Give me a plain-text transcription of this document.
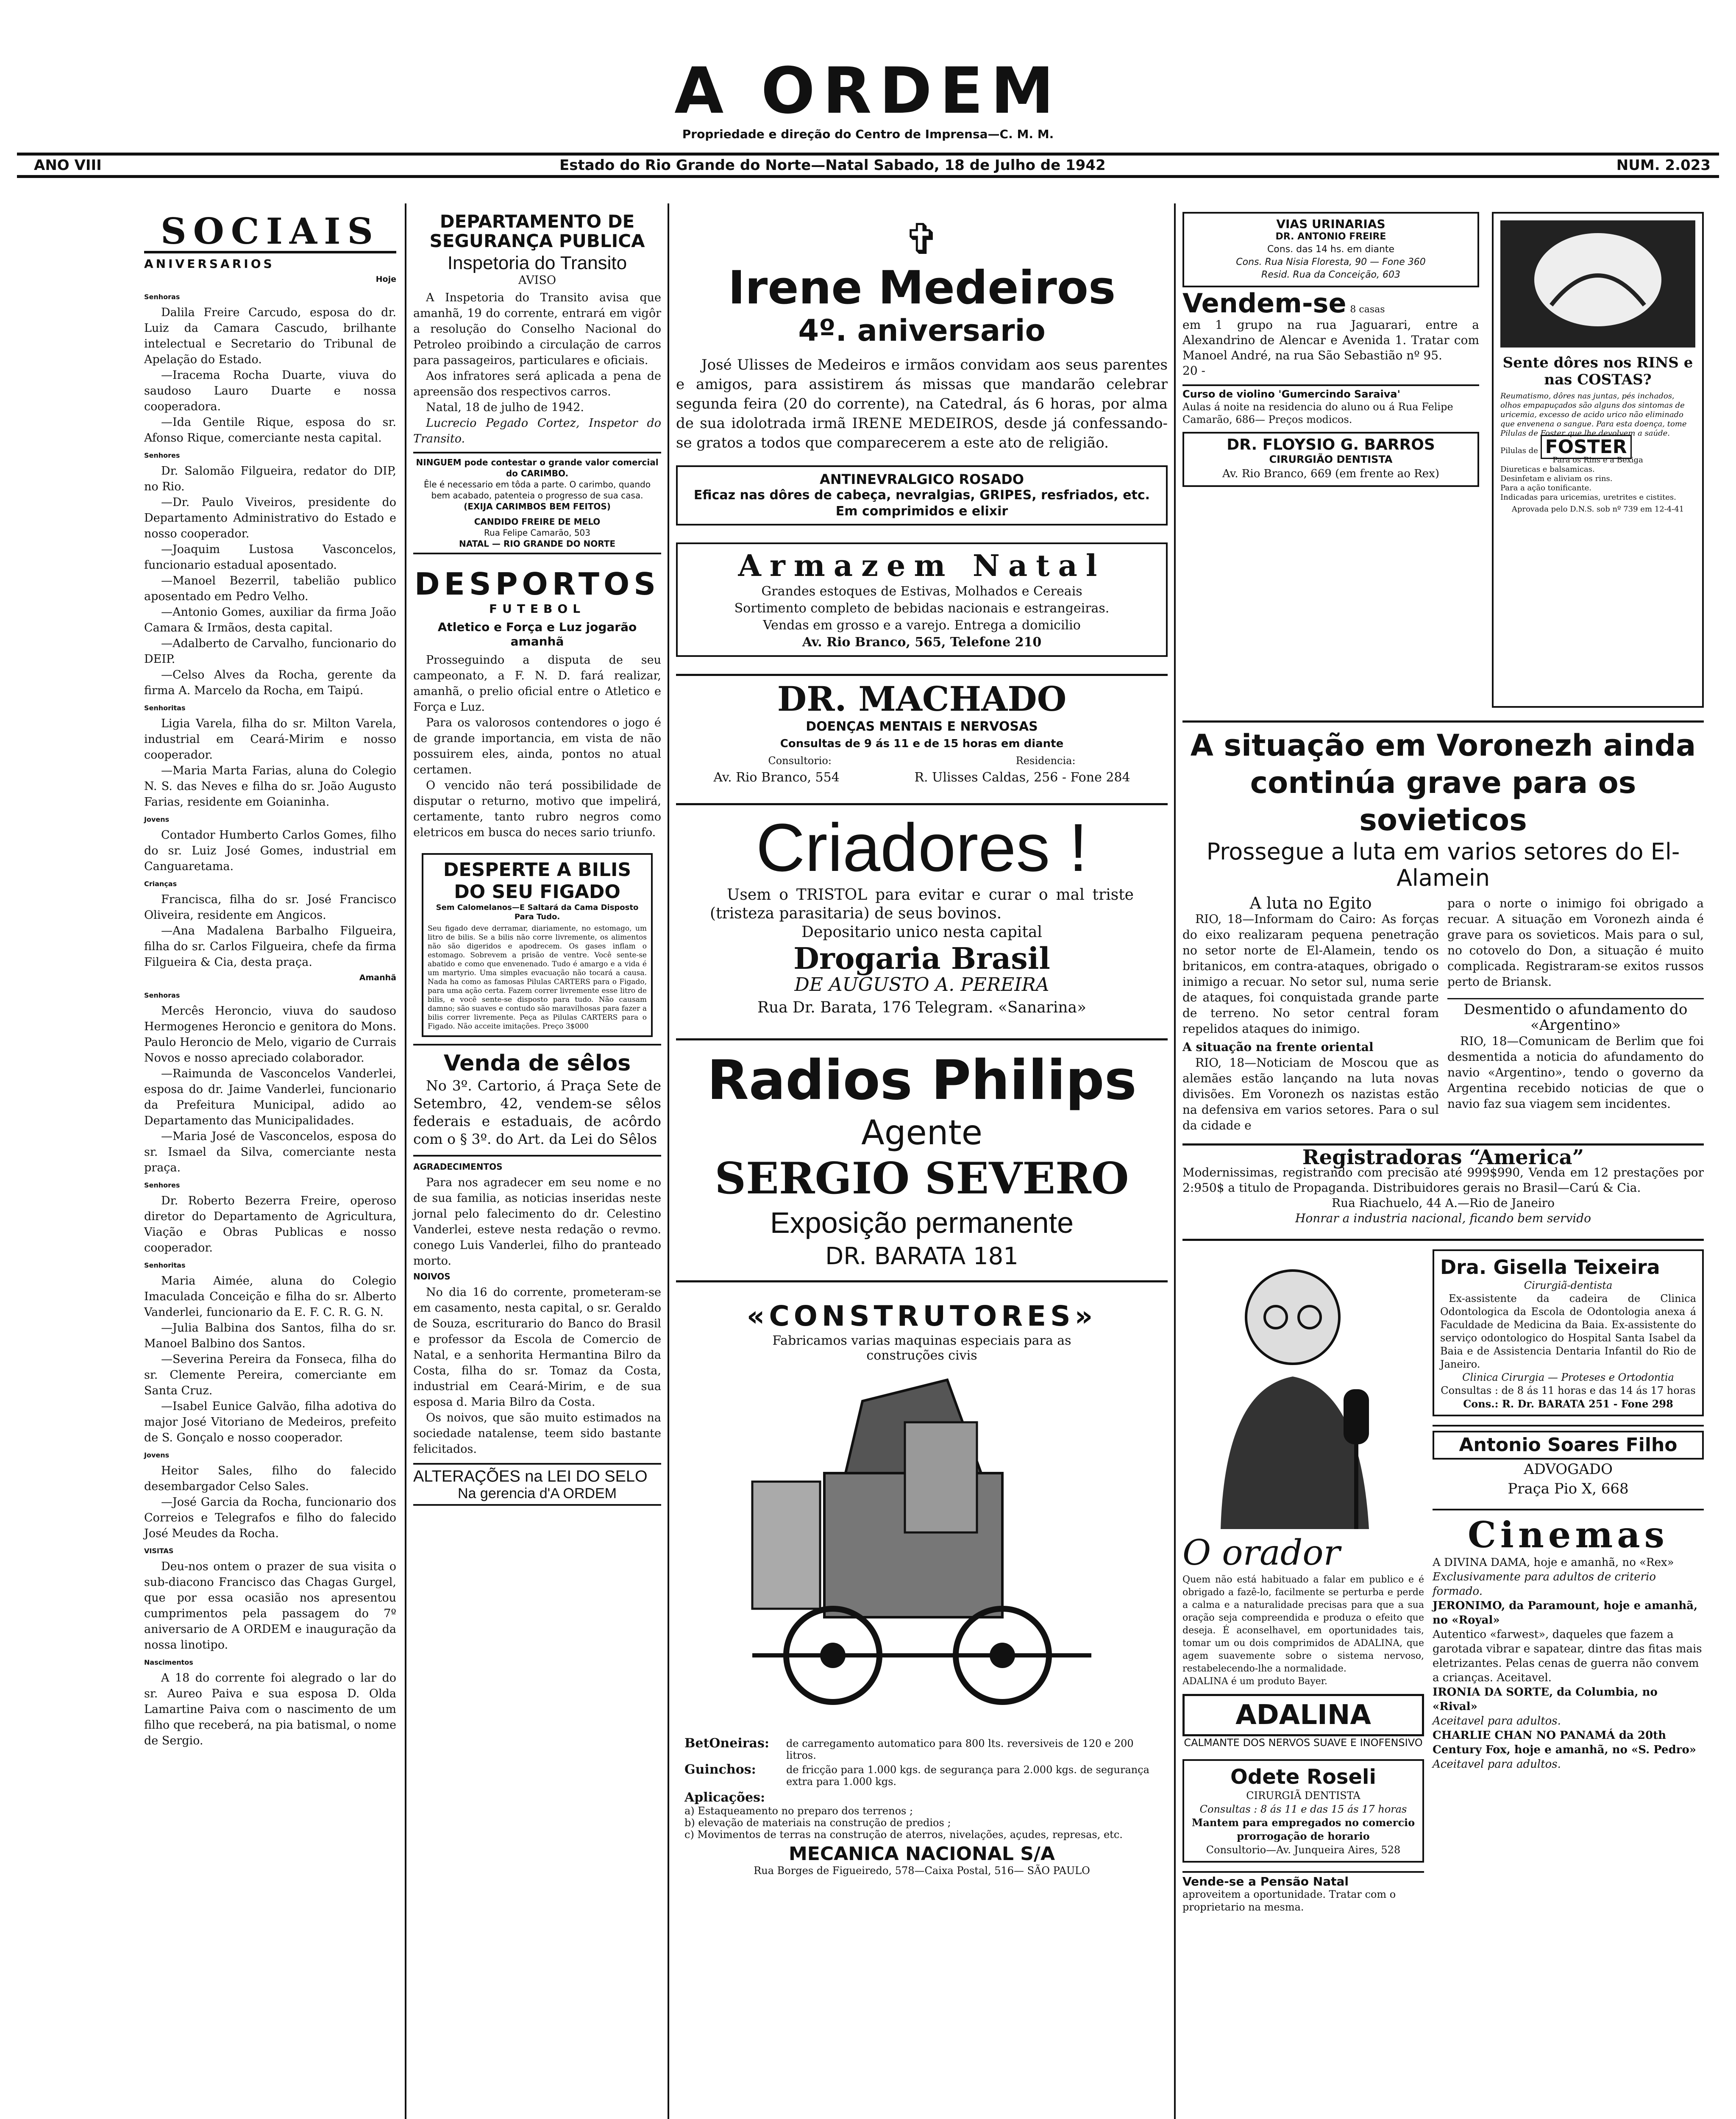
A ORDEM
Propriedade e direção do Centro de Imprensa—C. M. M.
ANO VIII	Estado do Rio Grande do Norte—Natal Sabado, 18 de Julho de 1942	NUM. 2.023
SOCIAIS
ANIVERSARIOS
Hoje
Senhoras

Dalila Freire Carcudo, esposa do dr. Luiz da Camara Cascudo, brilhante intelectual e Secretario do Tribunal de Apelação do Estado.

—Iracema Rocha Duarte, viuva do saudoso Lauro Duarte e nossa cooperadora.

—Ida Gentile Rique, esposa do sr. Afonso Rique, comerciante nesta capital.

Senhores

Dr. Salomão Filgueira, redator do DIP, no Rio.

—Dr. Paulo Viveiros, presidente do Departamento Administrativo do Estado e nosso cooperador.

—Joaquim Lustosa Vasconcelos, funcionario estadual aposentado.

—Manoel Bezerril, tabelião publico aposentado em Pedro Velho.

—Antonio Gomes, auxiliar da firma João Camara & Irmãos, desta capital.

—Adalberto de Carvalho, funcionario do DEIP.

—Celso Alves da Rocha, gerente da firma A. Marcelo da Rocha, em Taipú.

Senhoritas

Ligia Varela, filha do sr. Milton Varela, industrial em Ceará-Mirim e nosso cooperador.

—Maria Marta Farias, aluna do Colegio N. S. das Neves e filha do sr. João Augusto Farias, residente em Goianinha.

Jovens

Contador Humberto Carlos Gomes, filho do sr. Luiz José Gomes, industrial em Canguaretama.

Crianças

Francisca, filha do sr. José Francisco Oliveira, residente em Angicos.

—Ana Madalena Barbalho Filgueira, filha do sr. Carlos Filgueira, chefe da firma Filgueira & Cia, desta praça.

Amanhã
Senhoras

Mercês Heroncio, viuva do saudoso Hermogenes Heroncio e genitora do Mons. Paulo Heroncio de Melo, vigario de Currais Novos e nosso apreciado colaborador.

—Raimunda de Vasconcelos Vanderlei, esposa do dr. Jaime Vanderlei, funcionario da Prefeitura Municipal, adido ao Departamento das Municipalidades.

—Maria José de Vasconcelos, esposa do sr. Ismael da Silva, comerciante nesta praça.

Senhores

Dr. Roberto Bezerra Freire, operoso diretor do Departamento de Agricultura, Viação e Obras Publicas e nosso cooperador.

Senhoritas

Maria Aimée, aluna do Colegio Imaculada Conceição e filha do sr. Alberto Vanderlei, funcionario da E. F. C. R. G. N.

—Julia Balbina dos Santos, filha do sr. Manoel Balbino dos Santos.

—Severina Pereira da Fonseca, filha do sr. Clemente Pereira, comerciante em Santa Cruz.

—Isabel Eunice Galvão, filha adotiva do major José Vitoriano de Medeiros, prefeito de S. Gonçalo e nosso cooperador.

Jovens

Heitor Sales, filho do falecido desembargador Celso Sales.

—José Garcia da Rocha, funcionario dos Correios e Telegrafos e filho do falecido José Meudes da Rocha.

VISITAS

Deu-nos ontem o prazer de sua visita o sub-diacono Francisco das Chagas Gurgel, que por essa ocasião nos apresentou cumprimentos pela passagem do 7º aniversario de A ORDEM e inauguração da nossa linotipo.

Nascimentos

A 18 do corrente foi alegrado o lar do sr. Aureo Paiva e sua esposa D. Olda Lamartine Paiva com o nascimento de um filho que receberá, na pia batismal, o nome de Sergio.

DEPARTAMENTO DE SEGURANÇA PUBLICA
Inspetoria do Transito
AVISO

A Inspetoria do Transito avisa que amanhã, 19 do corrente, entrará em vigôr a resolução do Conselho Nacional do Petroleo proibindo a circulação de carros para passageiros, particulares e oficiais.

Aos infratores será aplicada a pena de apreensão dos respectivos carros.

Natal, 18 de julho de 1942.

Lucrecio Pegado Cortez, Inspetor do Transito.

NINGUEM pode contestar o grande valor comercial do CARIMBO.
Êle é necessario em tôda a parte. O carimbo, quando bem acabado, patenteia o progresso de sua casa.
(EXIJA CARIMBOS BEM FEITOS)
CANDIDO FREIRE DE MELO
Rua Felipe Camarão, 503
NATAL — RIO GRANDE DO NORTE
DESPORTOS
FUTEBOL
Atletico e Força e Luz jogarão amanhã

Prosseguindo a disputa de seu campeonato, a F. N. D. fará realizar, amanhã, o prelio oficial entre o Atletico e Força e Luz.

Para os valorosos contendores o jogo é de grande importancia, em vista de não possuirem eles, ainda, pontos no atual certamen.

O vencido não terá possibilidade de disputar o returno, motivo que impelirá, certamente, tanto rubro negros como eletricos em busca do neces sario triunfo.

DESPERTE A BILIS DO SEU FIGADO
Sem Calomelanos—E Saltará da Cama Disposto Para Tudo.

Seu figado deve derramar, diariamente, no estomago, um litro de bilis. Se a bilis não corre livremente, os alimentos não são digeridos e apodrecem. Os gases inflam o estomago. Sobrevem a prisão de ventre. Você sente-se abatido e como que envenenado. Tudo é amargo e a vida é um martyrio. Uma simples evacuação não tocará a causa. Nada ha como as famosas Pilulas CARTERS para o Figado, para uma ação certa. Fazem correr livremente esse litro de bilis, e você sente-se disposto para tudo. Não causam damno; são suaves e contudo são maravilhosas para fazer a bilis correr livremente. Peça as Pilulas CARTERS para o Figado. Não acceite imitações. Preço 3$000

Venda de sêlos

No 3º. Cartorio, á Praça Sete de Setembro, 42, vendem-se sêlos federais e estaduais, de acôrdo com o § 3º. do Art. da Lei do Sêlos

AGRADECIMENTOS

Para nos agradecer em seu nome e no de sua familia, as noticias inseridas neste jornal pelo falecimento do dr. Celestino Vanderlei, esteve nesta redação o revmo. conego Luis Vanderlei, filho do pranteado morto.

NOIVOS

No dia 16 do corrente, prometeram-se em casamento, nesta capital, o sr. Geraldo de Souza, escriturario do Banco do Brasil e professor da Escola de Comercio de Natal, e a senhorita Hermantina Bilro da Costa, filha do sr. Tomaz da Costa, industrial em Ceará-Mirim, e de sua esposa d. Maria Bilro da Costa.

Os noivos, que são muito estimados na sociedade natalense, teem sido bastante felicitados.

ALTERAÇÕES na LEI DO SELO
Na gerencia d'A ORDEM
✞
Irene Medeiros
4º. aniversario

José Ulisses de Medeiros e irmãos convidam aos seus parentes e amigos, para assistirem ás missas que mandarão celebrar segunda feira (20 do corrente), na Catedral, ás 6 horas, por alma de sua idolotrada irmã IRENE MEDEIROS, desde já confessando-se gratos a todos que comparecerem a este ato de religião.

ANTINEVRALGICO ROSADO
Eficaz nas dôres de cabeça, nevralgias, GRIPES, resfriados, etc.
Em comprimidos e elixir
Armazem Natal
Grandes estoques de Estivas, Molhados e Cereais
Sortimento completo de bebidas nacionais e estrangeiras.
Vendas em grosso e a varejo. Entrega a domicilio
Av. Rio Branco, 565, Telefone 210
DR. MACHADO
DOENÇAS MENTAIS E NERVOSAS
Consultas de 9 ás 11 e de 15 horas em diante
Consultorio:	Residencia:
Av. Rio Branco, 554	R. Ulisses Caldas, 256 - Fone 284
Criadores !

Usem o TRISTOL para evitar e curar o mal triste (tristeza parasitaria) de seus bovinos.

Depositario unico nesta capital
Drogaria Brasil
DE AUGUSTO A. PEREIRA
Rua Dr. Barata, 176 Telegram. «Sanarina»
Radios Philips
Agente
SERGIO SEVERO
Exposição permanente
DR. BARATA 181
«CONSTRUTORES»
Fabricamos varias maquinas especiais para as construções civis
BetOneiras:	de carregamento automatico para 800 lts. reversiveis de 120 e 200 litros.
Guinchos:	de fricção para 1.000 kgs. de segurança para 2.000 kgs. de segurança extra para 1.000 kgs.
Aplicações:
a) Estaqueamento no preparo dos terrenos ;
b) elevação de materiais na construção de predios ;
c) Movimentos de terras na construção de aterros, nivelações, açudes, represas, etc.
MECANICA NACIONAL S/A
Rua Borges de Figueiredo, 578—Caixa Postal, 516— SÃO PAULO
VIAS URINARIAS
DR. ANTONIO FREIRE
Cons. das 14 hs. em diante
Cons. Rua Nisia Floresta, 90 — Fone 360
Resid. Rua da Conceição, 603
Vendem-se 8 casas

em 1 grupo na rua Jaguarari, entre a Alexandrino de Alencar e Avenida 1. Tratar com Manoel André, na rua São Sebastião nº 95.

20 -
Curso de violino 'Gumercindo Saraiva'

Aulas á noite na residencia do aluno ou á Rua Felipe Camarão, 686— Preços modicos.

DR. FLOYSIO G. BARROS
CIRURGIÃO DENTISTA
Av. Rio Branco, 669 (em frente ao Rex)
Sente dôres nos RINS e nas COSTAS?

Reumatismo, dôres nas juntas, pés inchados, olhos empapuçados são alguns dos sintomas de uricemia, excesso de acido urico não eliminado que envenena o sangue. Para esta doença, tome Pilulas de Foster que lhe devolvem a saúde.

Pilulas de FOSTER
Para os Rins e a Bexiga
Diureticas e balsamicas.
Desinfetam e aliviam os rins.
Para a ação tonificante.
Indicadas para uricemias, uretrites e cistites.
Aprovada pelo D.N.S. sob nº 739 em 12-4-41
A situação em Voronezh ainda continúa grave para os sovieticos
Prossegue a luta em varios setores do El-Alamein
A luta no Egito

RIO, 18—Informam do Cairo: As forças do eixo realizaram pequena penetração no setor norte de El-Alamein, tendo os britanicos, em contra-ataques, obrigado o inimigo a recuar. No setor sul, numa serie de ataques, foi conquistada grande parte de terreno. No setor central foram repelidos ataques do inimigo.

A situação na frente oriental

RIO, 18—Noticiam de Moscou que as alemães estão lançando na luta novas divisões. Em Voronezh os nazistas estão na defensiva em varios setores. Para o sul da cidade e

para o norte o inimigo foi obrigado a recuar. A situação em Voronezh ainda é grave para os sovieticos. Mais para o sul, no cotovelo do Don, a situação é muito complicada. Registraram-se exitos russos perto de Briansk.

Desmentido o afundamento do «Argentino»

RIO, 18—Comunicam de Berlim que foi desmentida a noticia do afundamento do navio «Argentino», tendo o governo da Argentina recebido noticias de que o navio faz sua viagem sem incidentes.

Registradoras “America”

Modernissimas, registrando com precisão até 999$990, Venda em 12 prestações por 2:950$ a titulo de Propaganda. Distribuidores gerais no Brasil—Carú & Cia.

Rua Riachuelo, 44 A.—Rio de Janeiro
Honrar a industria nacional, ficando bem servido
O orador

Quem não está habituado a falar em publico e é obrigado a fazê-lo, facilmente se perturba e perde a calma e a naturalidade precisas para que a sua oração seja compreendida e produza o efeito que deseja. É aconselhavel, em oportunidades tais, tomar um ou dois comprimidos de ADALINA, que agem suavemente sobre o sistema nervoso, restabelecendo-lhe a normalidade.

ADALINA é um produto Bayer.
ADALINA
CALMANTE DOS NERVOS SUAVE E INOFENSIVO
Odete Roseli
CIRURGIÃ DENTISTA
Consultas : 8 ás 11 e das 15 ás 17 horas
Mantem para empregados no comercio prorrogação de horario
Consultorio—Av. Junqueira Aires, 528
Vende-se a Pensão Natal

aproveitem a oportunidade. Tratar com o proprietario na mesma.

Dra. Gisella Teixeira
Cirurgiã-dentista

Ex-assistente da cadeira de Clinica Odontologica da Escola de Odontologia anexa á Faculdade de Medicina da Baia. Ex-assistente do serviço odontologico do Hospital Santa Isabel da Baia e de Assistencia Dentaria Infantil do Rio de Janeiro.

Clinica Cirurgia — Proteses e Ortodontia
Consultas : de 8 ás 11 horas e das 14 ás 17 horas
Cons.: R. Dr. BARATA 251 - Fone 298
Antonio Soares Filho
ADVOGADO
Praça Pio X, 668
Cinemas

A DIVINA DAMA, hoje e amanhã, no «Rex»

Exclusivamente para adultos de criterio formado.

JERONIMO, da Paramount, hoje e amanhã, no «Royal»

Autentico «farwest», daqueles que fazem a garotada vibrar e sapatear, dintre das fitas mais eletrizantes. Pelas cenas de guerra não convem a crianças. Aceitavel.

IRONIA DA SORTE, da Columbia, no «Rival»

Aceitavel para adultos.

CHARLIE CHAN NO PANAMÁ da 20th Century Fox, hoje e amanhã, no «S. Pedro»

Aceitavel para adultos.
